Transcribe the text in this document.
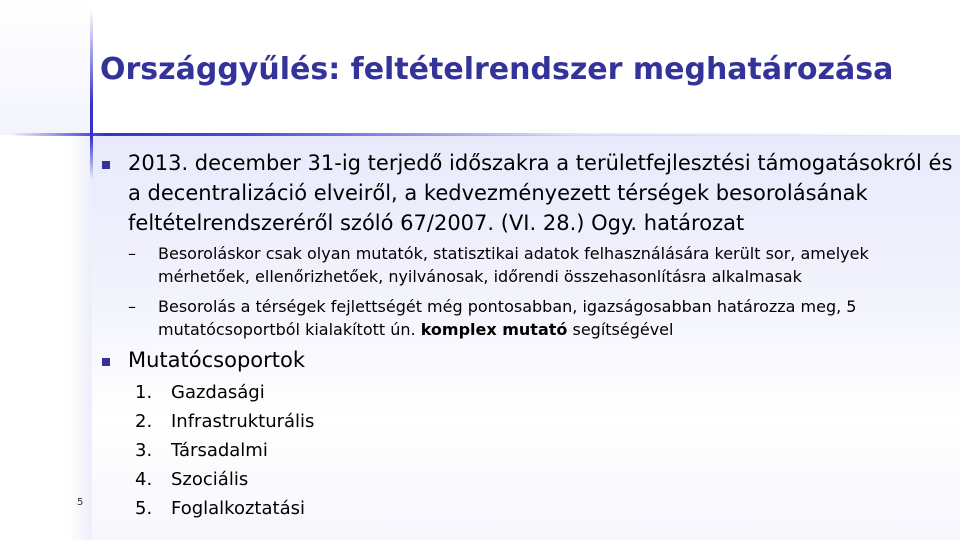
Országgyűlés: feltételrendszer meghatározása
2013. december 31-ig terjedő időszakra a területfejlesztési támogatásokról és
a decentralizáció elveiről, a kedvezményezett térségek besorolásának
feltételrendszeréről szóló 67/2007. (VI. 28.) Ogy. határozat
– Besoroláskor csak olyan mutatók, statisztikai adatok felhasználására került sor, amelyek
mérhetőek, ellenőrizhetőek, nyilvánosak, időrendi összehasonlításra alkalmasak
– Besorolás a térségek fejlettségét még pontosabban, igazságosabban határozza meg, 5
mutatócsoportból kialakított ún. komplex mutató segítségével
Mutatócsoportok
1.	Gazdasági
2.	Infrastrukturális
3.	Társadalmi
4.	Szociális
5.	Foglalkoztatási
5
